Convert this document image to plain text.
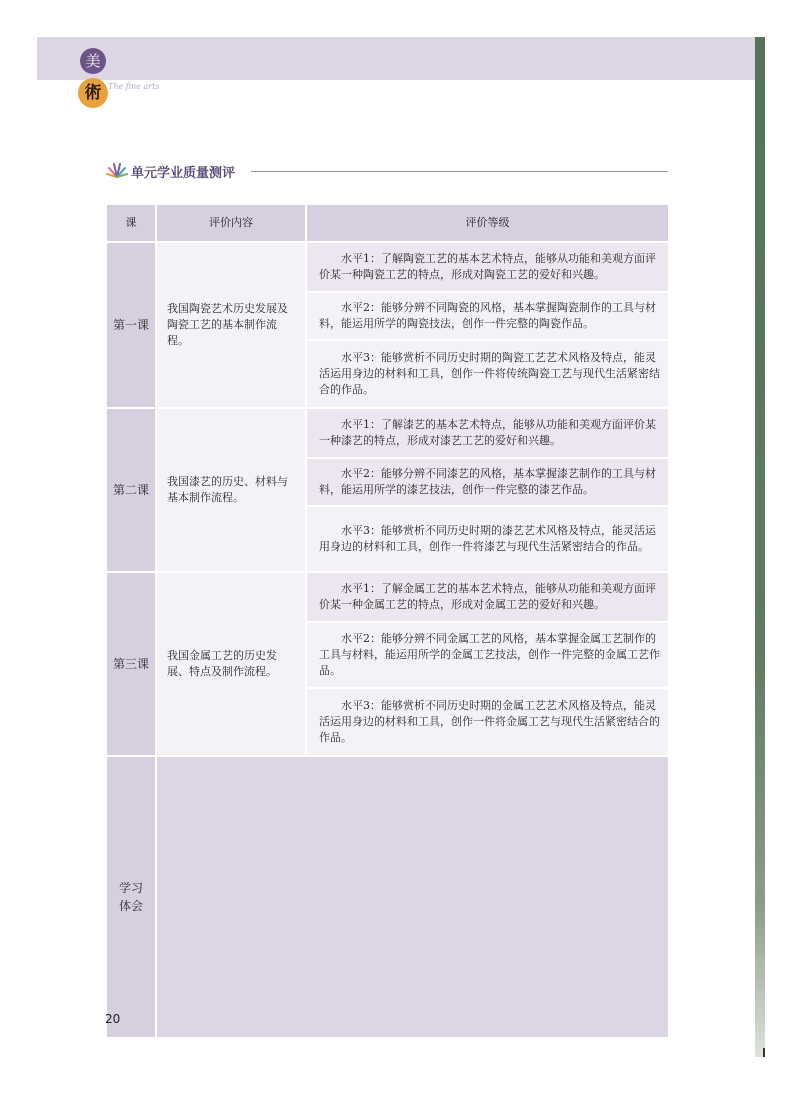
美
術 The fine arts
单元学业质量测评
课	评价内容	评价等级
第一课	我国陶瓷艺术历史发展及陶瓷工艺的基本制作流程。	水平1：了解陶瓷工艺的基本艺术特点，能够从功能和美观方面评价某一种陶瓷工艺的特点，形成对陶瓷工艺的爱好和兴趣。
		水平2：能够分辨不同陶瓷的风格，基本掌握陶瓷制作的工具与材料，能运用所学的陶瓷技法，创作一件完整的陶瓷作品。
		水平3：能够赏析不同历史时期的陶瓷工艺艺术风格及特点，能灵活运用身边的材料和工具，创作一件将传统陶瓷工艺与现代生活紧密结合的作品。
第二课	我国漆艺的历史、材料与基本制作流程。	水平1：了解漆艺的基本艺术特点，能够从功能和美观方面评价某一种漆艺的特点，形成对漆艺工艺的爱好和兴趣。
		水平2：能够分辨不同漆艺的风格，基本掌握漆艺制作的工具与材料，能运用所学的漆艺技法，创作一件完整的漆艺作品。
		水平3：能够赏析不同历史时期的漆艺艺术风格及特点，能灵活运用身边的材料和工具，创作一件将漆艺与现代生活紧密结合的作品。
第三课	我国金属工艺的历史发展、特点及制作流程。	水平1：了解金属工艺的基本艺术特点，能够从功能和美观方面评价某一种金属工艺的特点，形成对金属工艺的爱好和兴趣。
		水平2：能够分辨不同金属工艺的风格，基本掌握金属工艺制作的工具与材料，能运用所学的金属工艺技法，创作一件完整的金属工艺作品。
		水平3：能够赏析不同历史时期的金属工艺艺术风格及特点，能灵活运用身边的材料和工具，创作一件将金属工艺与现代生活紧密结合的作品。
学习体会		
20
